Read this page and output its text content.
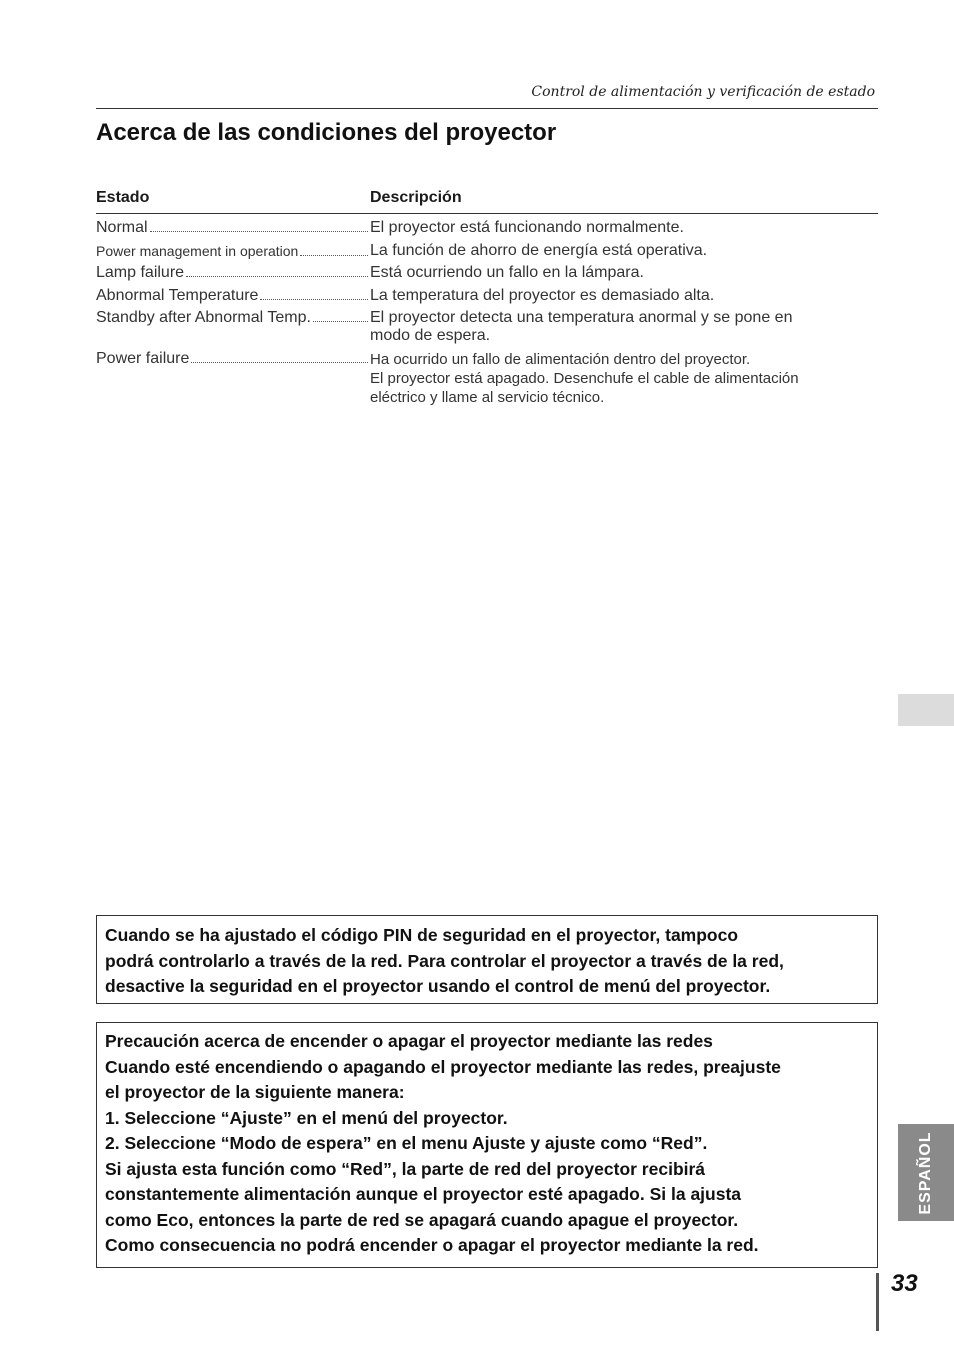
Control de alimentación y verificación de estado
Acerca de las condiciones del proyector
Estado	Descripción
Normal	El proyector está funcionando normalmente.
Power management in operation	La función de ahorro de energía está operativa.
Lamp failure	Está ocurriendo un fallo en la lámpara.
Abnormal Temperature	La temperatura del proyector es demasiado alta.
Standby after Abnormal Temp.	El proyector detecta una temperatura anormal y se pone en
modo de espera.
Power failure	Ha ocurrido un fallo de alimentación dentro del proyector.
El proyector está apagado. Desenchufe el cable de alimentación
eléctrico y llame al servicio técnico.
ESPAÑOL

Cuando se ha ajustado el código PIN de seguridad en el proyector, tampoco

podrá controlarlo a través de la red. Para controlar el proyector a través de la red,

desactive la seguridad en el proyector usando el control de menú del proyector.

Precaución acerca de encender o apagar el proyector mediante las redes

Cuando esté encendiendo o apagando el proyector mediante las redes, preajuste

el proyector de la siguiente manera:

1. Seleccione “Ajuste” en el menú del proyector.

2. Seleccione “Modo de espera” en el menu Ajuste y ajuste como “Red”.

Si ajusta esta función como “Red”, la parte de red del proyector recibirá

constantemente alimentación aunque el proyector esté apagado. Si la ajusta

como Eco, entonces la parte de red se apagará cuando apague el proyector.

Como consecuencia no podrá encender o apagar el proyector mediante la red.

33
